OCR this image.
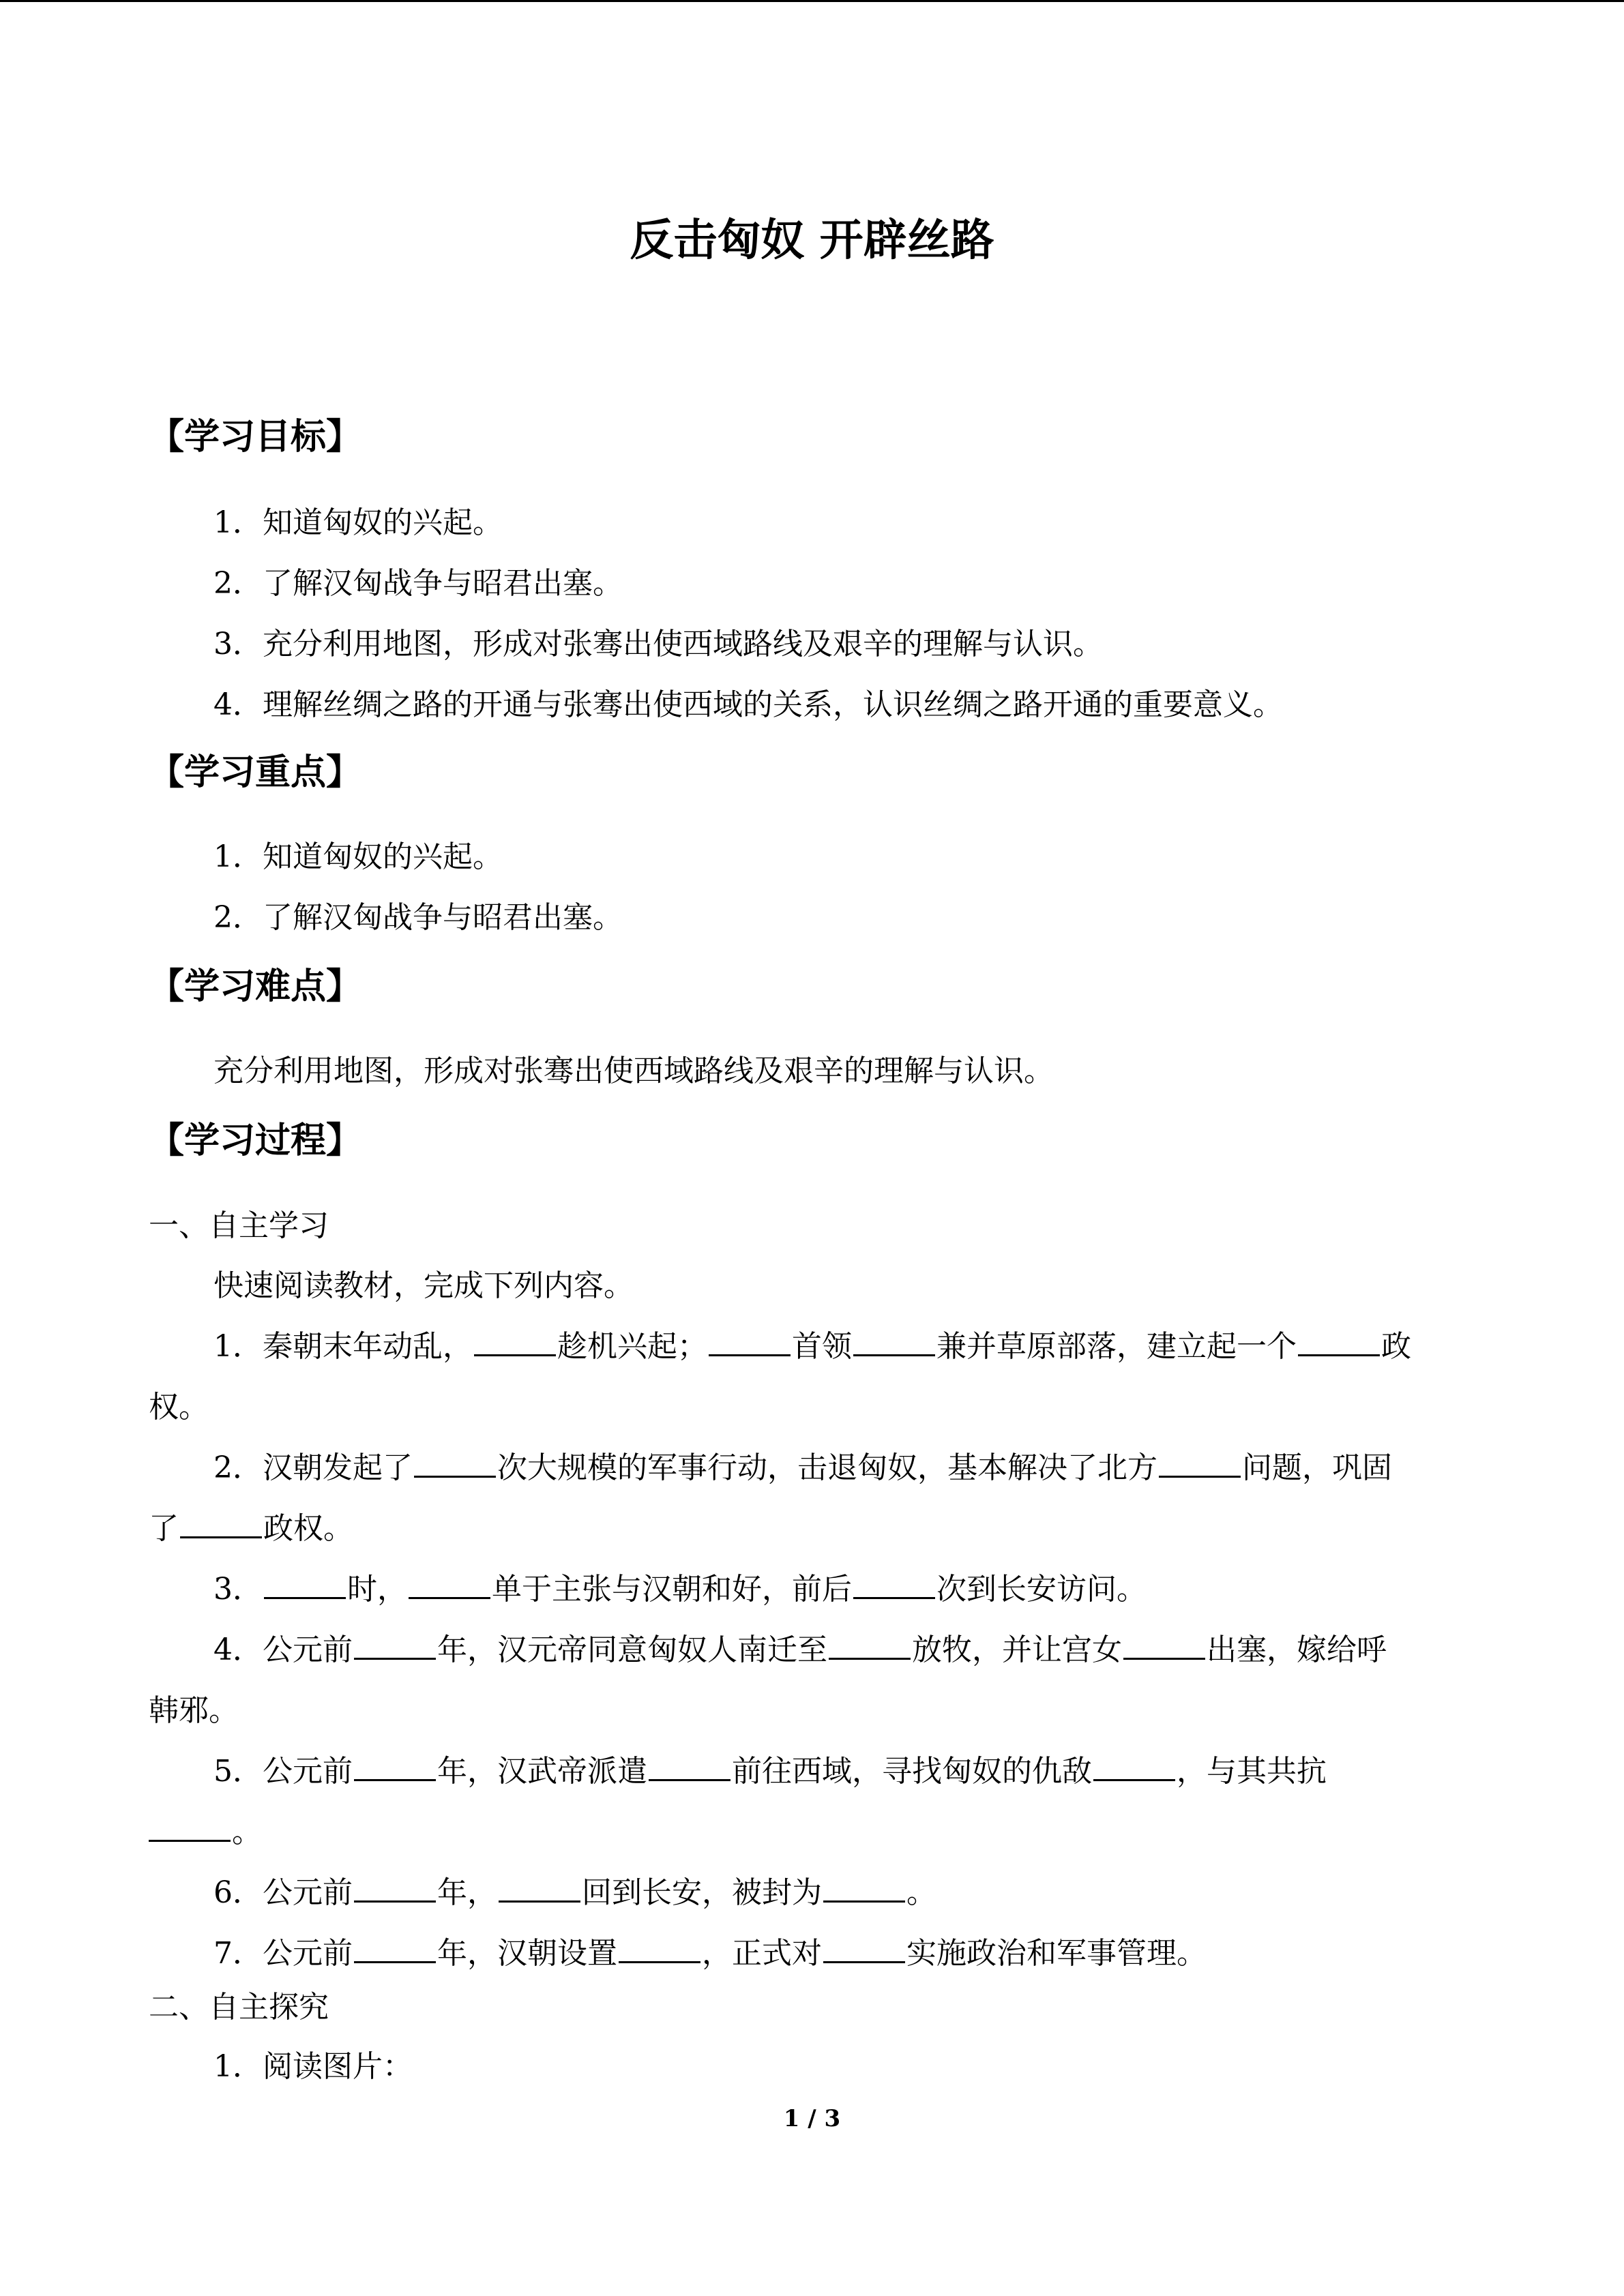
反击匈奴 开辟丝路
【学习目标】

1．知道匈奴的兴起。

2．了解汉匈战争与昭君出塞。

3．充分利用地图，形成对张骞出使西域路线及艰辛的理解与认识。

4．理解丝绸之路的开通与张骞出使西域的关系，认识丝绸之路开通的重要意义。

【学习重点】

1．知道匈奴的兴起。

2．了解汉匈战争与昭君出塞。

【学习难点】

充分利用地图，形成对张骞出使西域路线及艰辛的理解与认识。

【学习过程】

一、自主学习

快速阅读教材，完成下列内容。

1．秦朝末年动乱，	趁机兴起；	首领	兼并草原部落，建立起一个	政

权。

2．汉朝发起了	次大规模的军事行动，击退匈奴，基本解决了北方	问题，巩固

了	政权。

3．	时，	单于主张与汉朝和好，前后	次到长安访问。

4．公元前	年，汉元帝同意匈奴人南迁至	放牧，并让宫女	出塞，嫁给呼

韩邪。

5．公元前	年，汉武帝派遣	前往西域，寻找匈奴的仇敌	，与其共抗

。

6．公元前	年，	回到长安，被封为	。

7．公元前	年，汉朝设置	，正式对	实施政治和军事管理。

二、自主探究

1．阅读图片：

1 / 3
